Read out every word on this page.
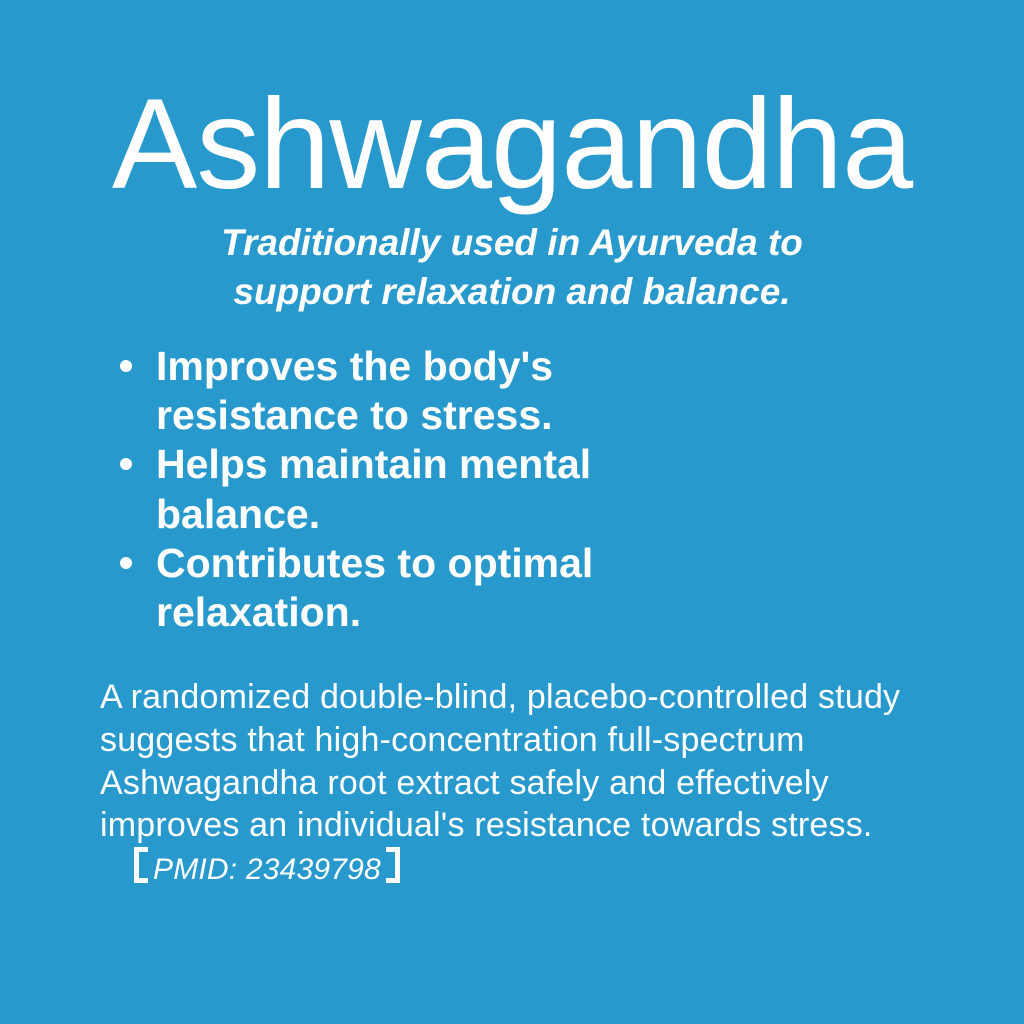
Ashwagandha
Traditionally used in Ayurveda to
support relaxation and balance.
Improves the body's resistance to stress.
Helps maintain mental balance.
Contributes to optimal relaxation.
A randomized double-blind, placebo-controlled study suggests that high-concentration full-spectrum Ashwagandha root extract safely and effectively improves an individual's resistance towards stress.PMID: 23439798
